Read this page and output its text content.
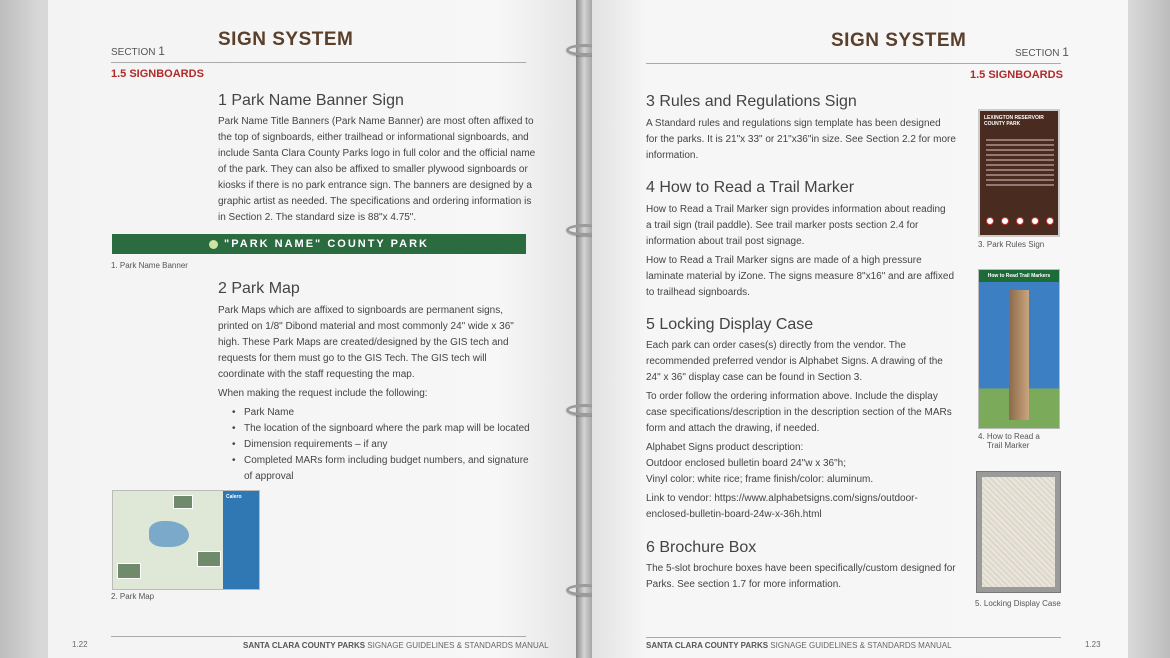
SECTION 1
SIGN SYSTEM
1.5 SIGNBOARDS
1 Park Name Banner Sign
Park Name Title Banners (Park Name Banner) are most often affixed to
the top of signboards, either trailhead or informational signboards, and
include Santa Clara County Parks logo in full color and the official name
of the park. They can also be affixed to smaller plywood signboards or
kiosks if there is no park entrance sign. The banners are designed by a
graphic artist as needed. The specifications and ordering information is
in Section 2. The standard size is 88"x 4.75".
"PARK NAME" COUNTY PARK
1. Park Name Banner
2 Park Map
Park Maps which are affixed to signboards are permanent signs,
printed on 1/8" Dibond material and most commonly 24" wide x 36"
high. These Park Maps are created/designed by the GIS tech and
requests for them must go to the GIS Tech. The GIS tech will
coordinate with the staff requesting the map.
When making the request include the following:
• Park Name
• The location of the signboard where the park map will be located
• Dimension requirements – if any
• Completed MARs form including budget numbers, and signature
of approval
Calero
2. Park Map
1.22	SANTA CLARA COUNTY PARKS SIGNAGE GUIDELINES & STANDARDS MANUAL
SIGN SYSTEM
SECTION 1
1.5 SIGNBOARDS
3 Rules and Regulations Sign
A Standard rules and regulations sign template has been designed
for the parks. It is 21"x 33" or 21"x36"in size. See Section 2.2 for more
information.
4 How to Read a Trail Marker
How to Read a Trail Marker sign provides information about reading
a trail sign (trail paddle). See trail marker posts section 2.4 for
information about trail post signage.
How to Read a Trail Marker signs are made of a high pressure
laminate material by iZone. The signs measure 8"x16" and are affixed
to trailhead signboards.
5 Locking Display Case
Each park can order cases(s) directly from the vendor. The
recommended preferred vendor is Alphabet Signs. A drawing of the
24" x 36" display case can be found in Section 3.
To order follow the ordering information above. Include the display
case specifications/description in the description section of the MARs
form and attach the drawing, if needed.
Alphabet Signs product description:
Outdoor enclosed bulletin board 24"w x 36"h;
Vinyl color: white rice; frame finish/color: aluminum.
Link to vendor: https://www.alphabetsigns.com/signs/outdoor-
enclosed-bulletin-board-24w-x-36h.html
6 Brochure Box
The 5-slot brochure boxes have been specifically/custom designed for
Parks. See section 1.7 for more information.
LEXINGTON RESERVOIR COUNTY PARK
3. Park Rules Sign
How to Read Trail Markers
4. How to Read a
Trail Marker
5. Locking Display Case
SANTA CLARA COUNTY PARKS SIGNAGE GUIDELINES & STANDARDS MANUAL	1.23
